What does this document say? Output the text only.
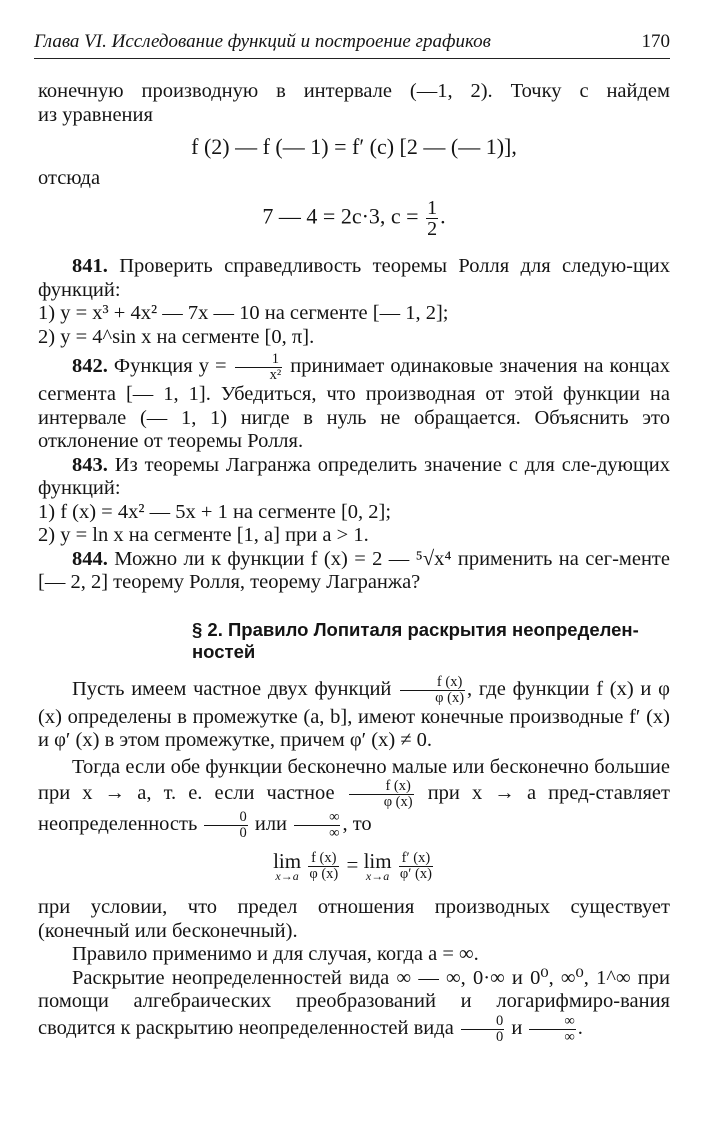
Глава VI. Исследование функций и построение графиков	170

конечную производную в интервале (—1, 2). Точку c найдем

из уравнения

f (2) — f (— 1) = f′ (c) [2 — (— 1)],

отсюда

7 — 4 = 2c·3, $c = \frac{1}{2}$ .

841. Проверить справедливость теоремы Ролля для следую-щих функций:

1) y = x³ + 4x² — 7x — 10 на сегменте [— 1, 2];

2) y = 4^sin x на сегменте [0, π].

842. Функция $y = \frac{1}{\text{x²}}$ принимает одинаковые значения на концах сегмента [— 1, 1]. Убедиться, что производная от этой функции на интервале (— 1, 1) нигде в нуль не обращается. Объяснить это отклонение от теоремы Ролля.

843. Из теоремы Лагранжа определить значение c для сле-дующих функций:

1) f (x) = 4x² — 5x + 1 на сегменте [0, 2];

2) y = ln x на сегменте [1, a] при a > 1.

844. Можно ли к функции f (x) = 2 — ⁵√x⁴ применить на сег-менте [— 2, 2] теорему Ролля, теорему Лагранжа?

§ 2. Правило Лопиталя раскрытия неопределен-ностей

Пусть имеем частное двух функций $\frac{f (x)}{\varphi (x)}$ , где функции f (x) и φ (x) определены в промежутке (a, b], имеют конечные производные f′ (x) и φ′ (x) в этом промежутке, причем φ′ (x) ≠ 0.

Тогда если обе функции бесконечно малые или бесконечно большие при x → a, т. е. если частное $\frac{f (x)}{\varphi (x)}$ при x → a пред-ставляет неопределенность $\frac{0}{0}$ или $\frac{\infty}{\infty}$ , то

lim
x→a
$\frac{f (x)}{\varphi (x)} = \lim$
x→a
$\frac{f' (x)}{\varphi' (x)}$

при условии, что предел отношения производных существует (конечный или бесконечный).

Правило применимо и для случая, когда a = ∞.

Раскрытие неопределенностей вида ∞ — ∞, 0·∞ и 0⁰, ∞⁰, 1^∞ при помощи алгебраических преобразований и логарифмиро-вания сводится к раскрытию неопределенностей вида $\frac{0}{0}$ и $\frac{\infty}{\infty}$ .
